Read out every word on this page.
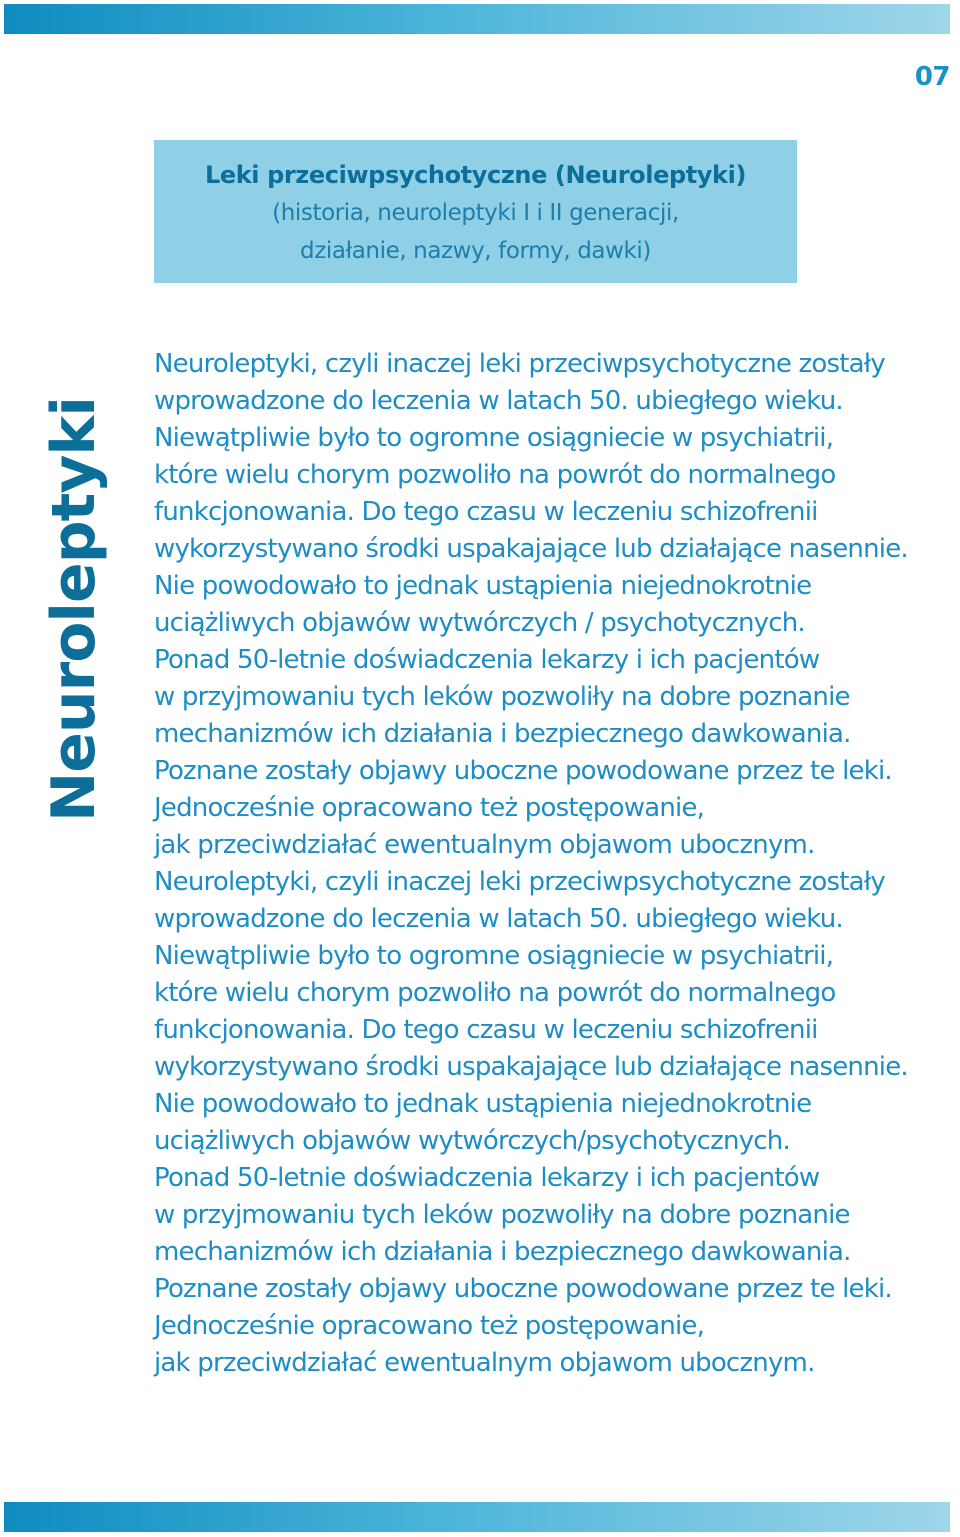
07
Leki przeciwpsychotyczne (Neuroleptyki)
(historia, neuroleptyki I i II generacji,
działanie, nazwy, formy, dawki)
Neuroleptyki
Neuroleptyki, czyli inaczej leki przeciwpsychotyczne zostały
wprowadzone do leczenia w latach 50. ubiegłego wieku.
Niewątpliwie było to ogromne osiągniecie w psychiatrii,
które wielu chorym pozwoliło na powrót do normalnego
funkcjonowania. Do tego czasu w leczeniu schizofrenii
wykorzystywano środki uspakajające lub działające nasennie.
Nie powodowało to jednak ustąpienia niejednokrotnie
uciążliwych objawów wytwórczych / psychotycznych.
Ponad 50-letnie doświadczenia lekarzy i ich pacjentów
w przyjmowaniu tych leków pozwoliły na dobre poznanie
mechanizmów ich działania i bezpiecznego dawkowania.
Poznane zostały objawy uboczne powodowane przez te leki.
Jednocześnie opracowano też postępowanie,
jak przeciwdziałać ewentualnym objawom ubocznym.
Neuroleptyki, czyli inaczej leki przeciwpsychotyczne zostały
wprowadzone do leczenia w latach 50. ubiegłego wieku.
Niewątpliwie było to ogromne osiągniecie w psychiatrii,
które wielu chorym pozwoliło na powrót do normalnego
funkcjonowania. Do tego czasu w leczeniu schizofrenii
wykorzystywano środki uspakajające lub działające nasennie.
Nie powodowało to jednak ustąpienia niejednokrotnie
uciążliwych objawów wytwórczych/psychotycznych.
Ponad 50-letnie doświadczenia lekarzy i ich pacjentów
w przyjmowaniu tych leków pozwoliły na dobre poznanie
mechanizmów ich działania i bezpiecznego dawkowania.
Poznane zostały objawy uboczne powodowane przez te leki.
Jednocześnie opracowano też postępowanie,
jak przeciwdziałać ewentualnym objawom ubocznym.
